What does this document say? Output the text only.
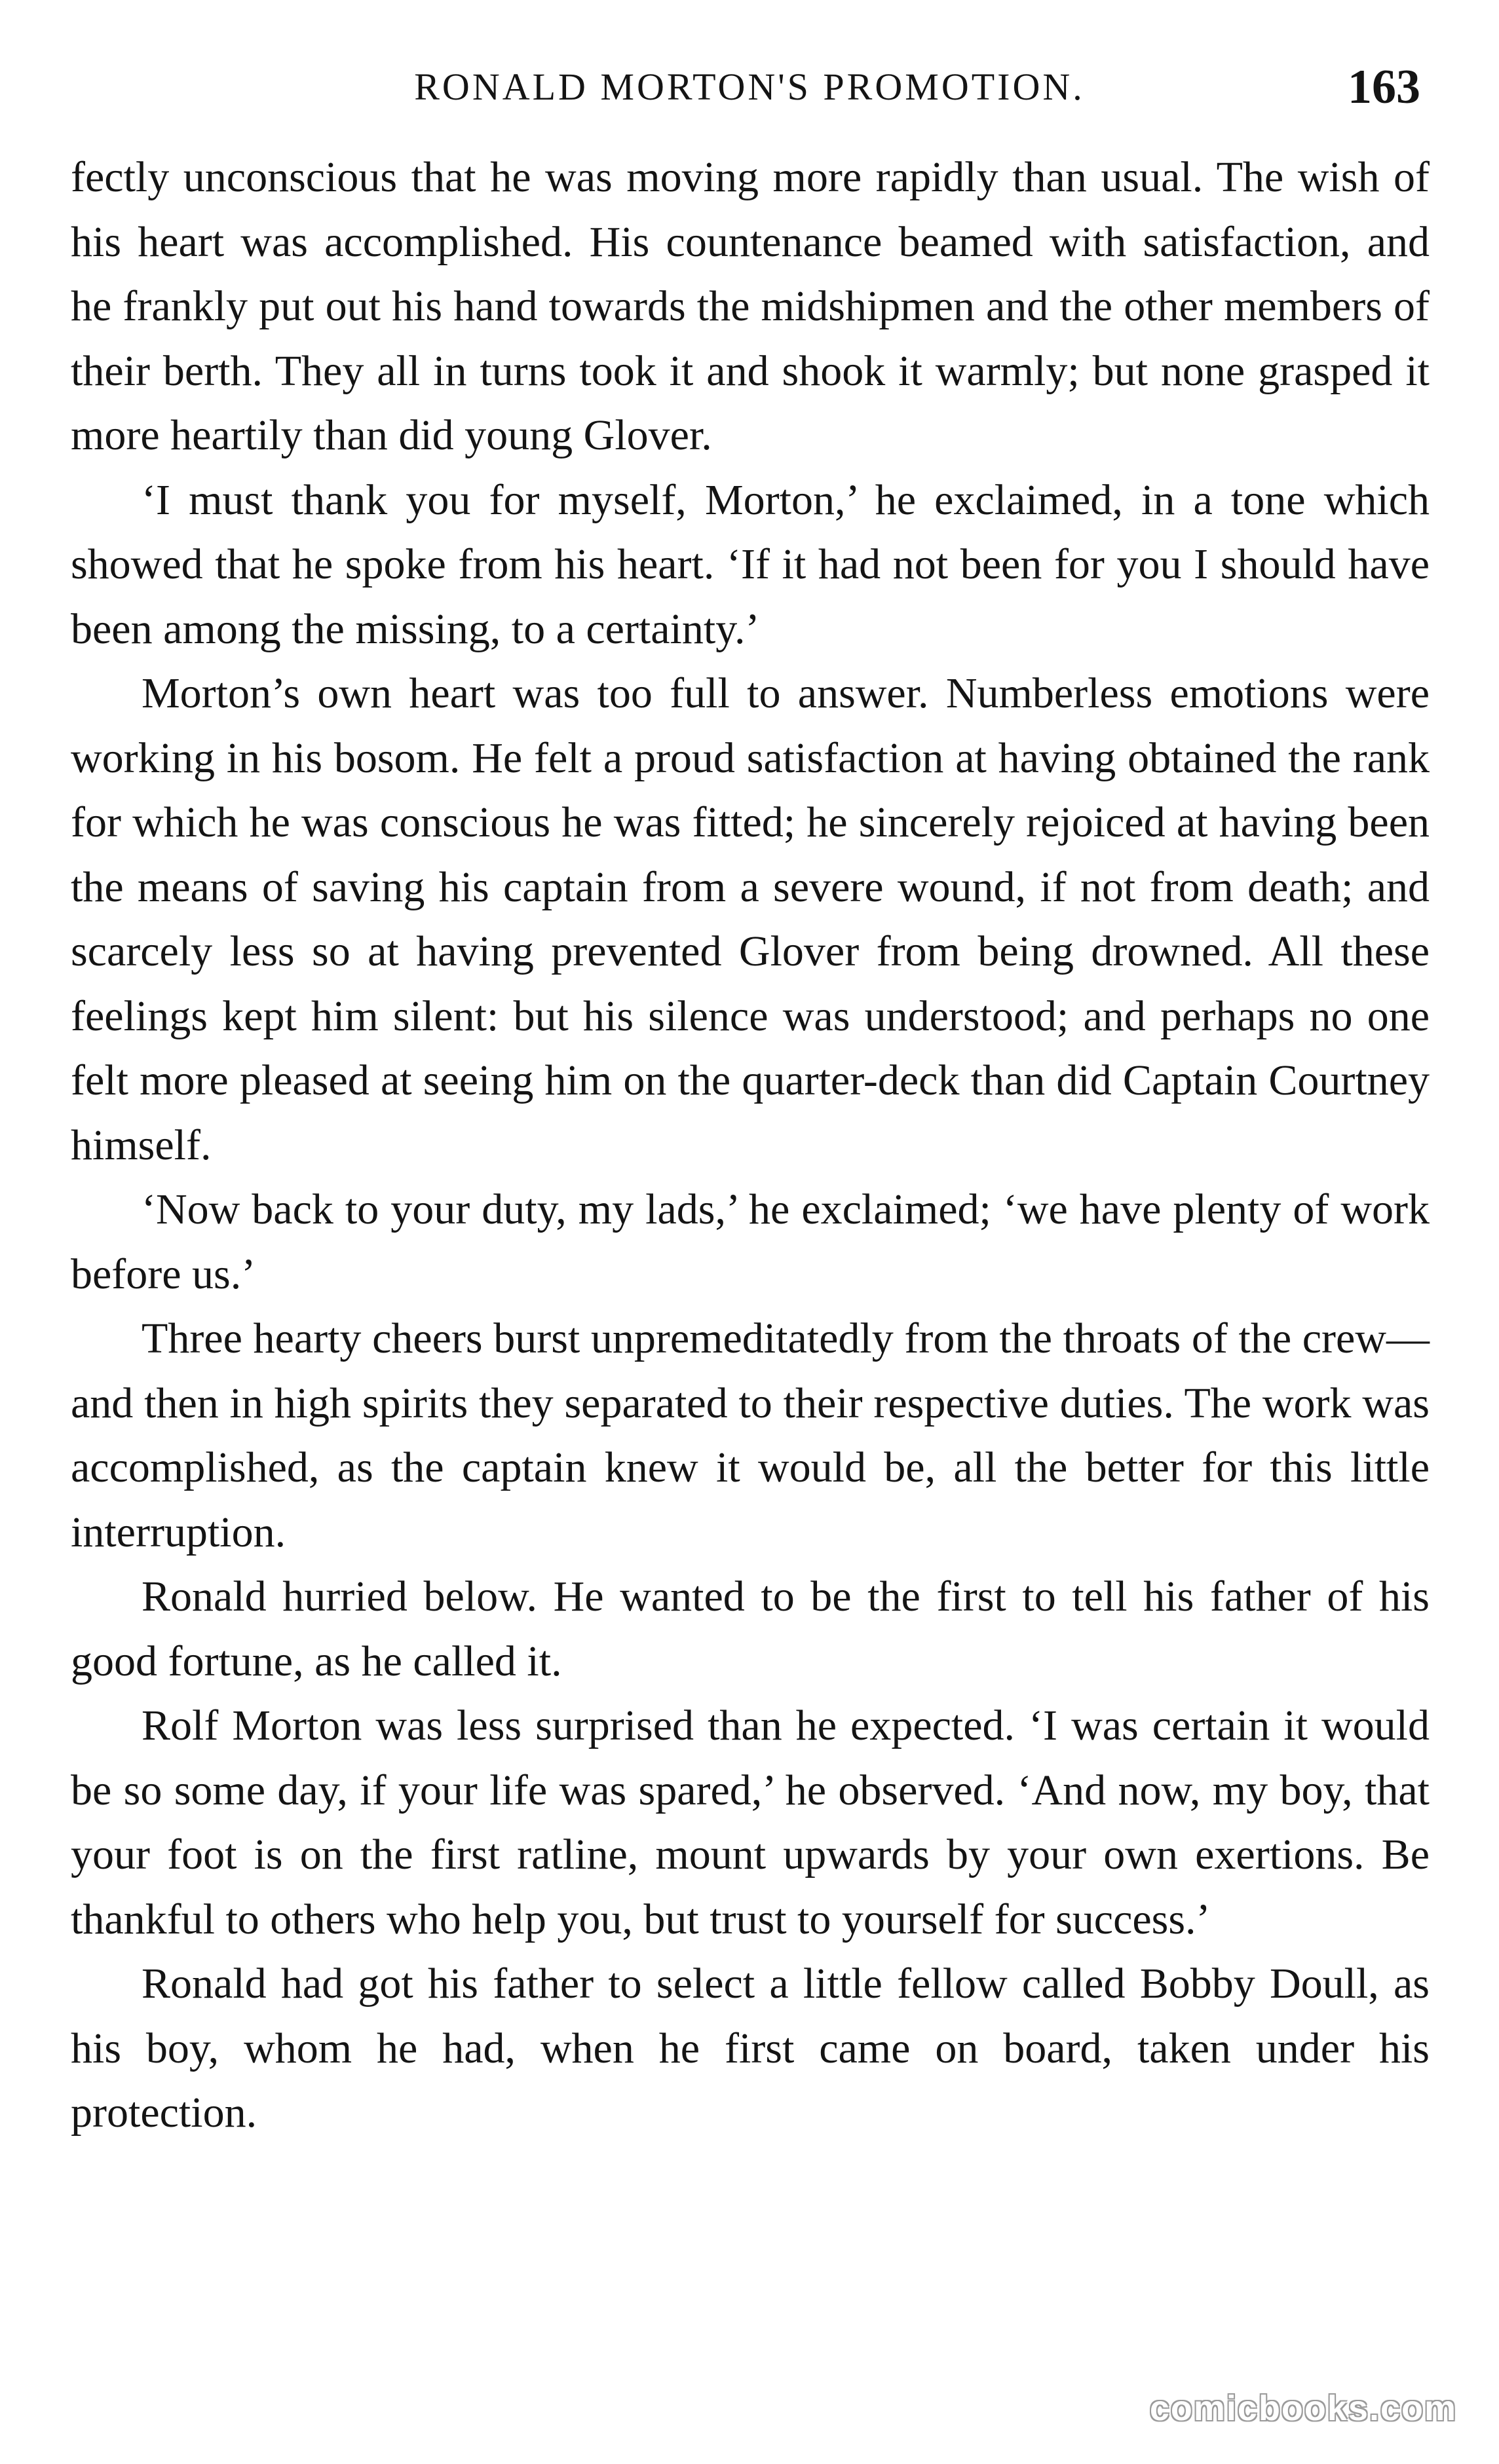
RONALD MORTON'S PROMOTION.	163

fectly unconscious that he was moving more rapidly than usual. The wish of his heart was accomplished. His countenance beamed with satisfaction, and he frankly put out his hand towards the midshipmen and the other members of their berth. They all in turns took it and shook it warmly; but none grasped it more heartily than did young Glover.

‘I must thank you for myself, Morton,’ he exclaimed, in a tone which showed that he spoke from his heart. ‘If it had not been for you I should have been among the missing, to a certainty.’

Morton’s own heart was too full to answer. Numberless emotions were working in his bosom. He felt a proud satisfaction at having obtained the rank for which he was conscious he was fitted; he sincerely rejoiced at having been the means of saving his captain from a severe wound, if not from death; and scarcely less so at having prevented Glover from being drowned. All these feelings kept him silent: but his silence was understood; and perhaps no one felt more pleased at seeing him on the quarter-deck than did Captain Courtney himself.

‘Now back to your duty, my lads,’ he exclaimed; ‘we have plenty of work before us.’

Three hearty cheers burst unpremeditatedly from the throats of the crew—and then in high spirits they separated to their respective duties. The work was accomplished, as the captain knew it would be, all the better for this little interruption.

Ronald hurried below. He wanted to be the first to tell his father of his good fortune, as he called it.

Rolf Morton was less surprised than he expected. ‘I was certain it would be so some day, if your life was spared,’ he observed. ‘And now, my boy, that your foot is on the first ratline, mount upwards by your own exertions. Be thankful to others who help you, but trust to yourself for success.’

Ronald had got his father to select a little fellow called Bobby Doull, as his boy, whom he had, when he first came on board, taken under his protection.

comicbooks.com
